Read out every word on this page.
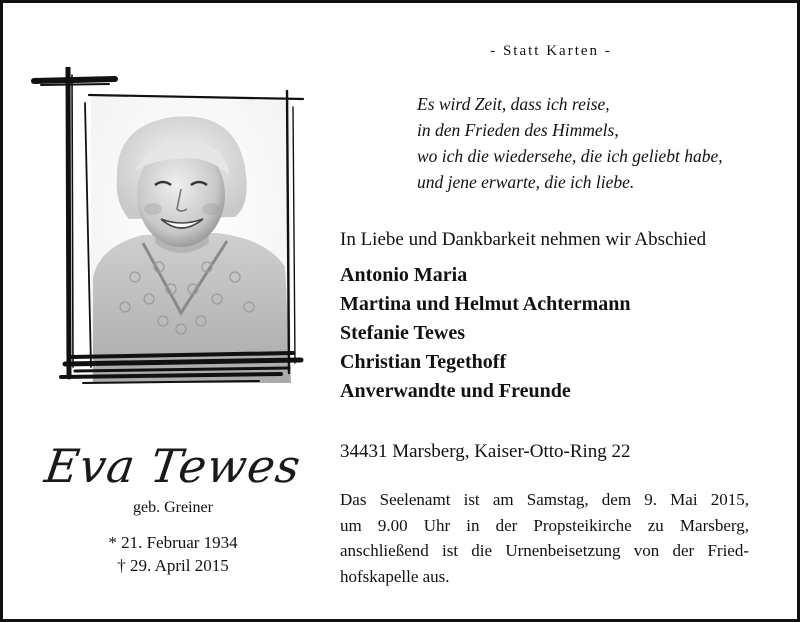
- Statt Karten -
Es wird Zeit, dass ich reise,
in den Frieden des Himmels,
wo ich die wiedersehe, die ich geliebt habe,
und jene erwarte, die ich liebe.
In Liebe und Dankbarkeit nehmen wir Abschied
Antonio Maria
Martina und Helmut Achtermann
Stefanie Tewes
Christian Tegethoff
Anverwandte und Freunde
34431 Marsberg, Kaiser-Otto-Ring 22
Das Seelenamt ist am Samstag, dem 9. Mai 2015,
um 9.00 Uhr in der Propsteikirche zu Marsberg,
anschließend ist die Urnenbeisetzung von der Fried-
hofskapelle aus.
Eva Tewes
geb. Greiner
* 21. Februar 1934
† 29. April 2015
